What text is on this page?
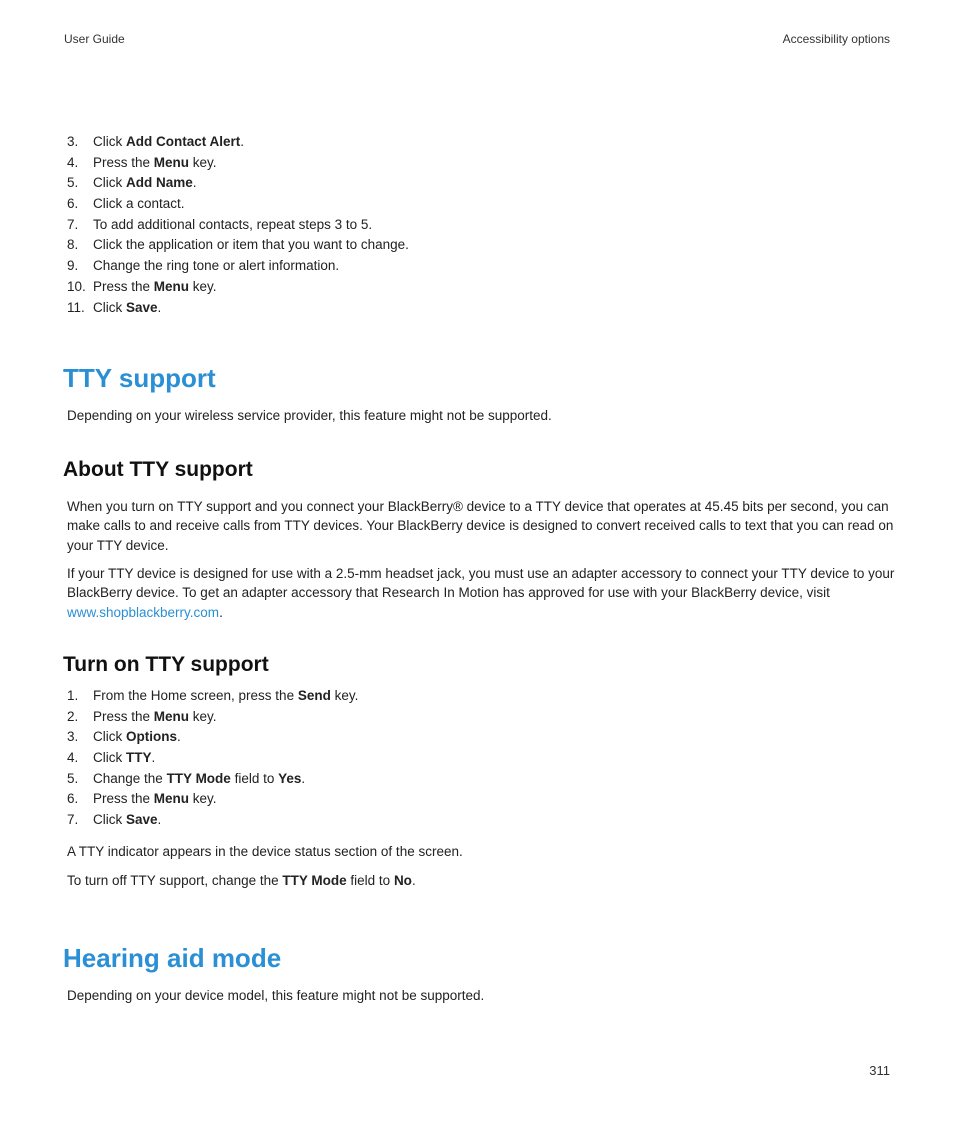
User Guide	Accessibility options
3. Click Add Contact Alert.
4. Press the Menu key.
5. Click Add Name.
6. Click a contact.
7. To add additional contacts, repeat steps 3 to 5.
8. Click the application or item that you want to change.
9. Change the ring tone or alert information.
10. Press the Menu key.
11. Click Save.
TTY support

Depending on your wireless service provider, this feature might not be supported.

About TTY support

When you turn on TTY support and you connect your BlackBerry® device to a TTY device that operates at 45.45 bits per second, you can make calls to and receive calls from TTY devices. Your BlackBerry device is designed to convert received calls to text that you can read on your TTY device.

If your TTY device is designed for use with a 2.5-mm headset jack, you must use an adapter accessory to connect your TTY device to your BlackBerry device. To get an adapter accessory that Research In Motion has approved for use with your BlackBerry device, visit www.shopblackberry.com.

Turn on TTY support
1. From the Home screen, press the Send key.
2. Press the Menu key.
3. Click Options.
4. Click TTY.
5. Change the TTY Mode field to Yes.
6. Press the Menu key.
7. Click Save.

A TTY indicator appears in the device status section of the screen.

To turn off TTY support, change the TTY Mode field to No.

Hearing aid mode

Depending on your device model, this feature might not be supported.

311
